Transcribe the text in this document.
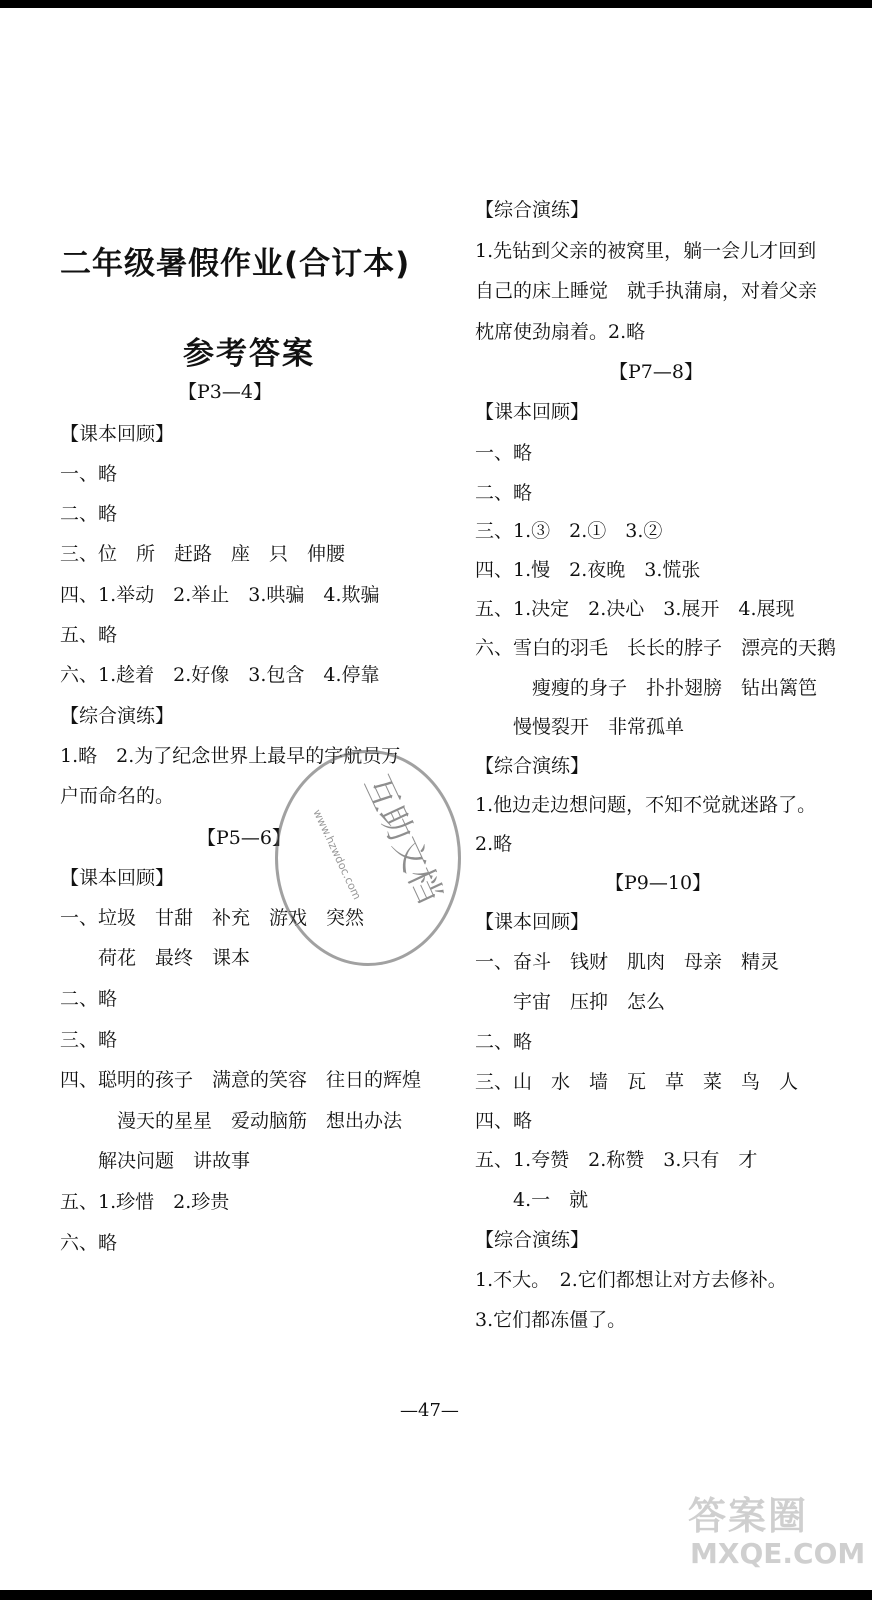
二年级暑假作业(合订本)
参考答案
【P3—4】
【课本回顾】
一、略
二、略
三、位　所　赶路　座　只　伸腰
四、1.举动　2.举止　3.哄骗　4.欺骗
五、略
六、1.趁着　2.好像　3.包含　4.停靠
【综合演练】
1.略　2.为了纪念世界上最早的宇航员万
户而命名的。
【P5—6】
【课本回顾】
一、垃圾　甘甜　补充　游戏　突然
　　荷花　最终　课本
二、略
三、略
四、聪明的孩子　满意的笑容　往日的辉煌
　　　漫天的星星　爱动脑筋　想出办法
　　解决问题　讲故事
五、1.珍惜　2.珍贵
六、略
【综合演练】
1.先钻到父亲的被窝里，躺一会儿才回到
自己的床上睡觉　就手执蒲扇，对着父亲
枕席使劲扇着。2.略
【P7—8】
【课本回顾】
一、略
二、略
三、1.③　2.①　3.②
四、1.慢　2.夜晚　3.慌张
五、1.决定　2.决心　3.展开　4.展现
六、雪白的羽毛　长长的脖子　漂亮的天鹅
　　　瘦瘦的身子　扑扑翅膀　钻出篱笆
　　慢慢裂开　非常孤单
【综合演练】
1.他边走边想问题，不知不觉就迷路了。
2.略
【P9—10】
【课本回顾】
一、奋斗　钱财　肌肉　母亲　精灵
　　宇宙　压抑　怎么
二、略
三、山　水　墙　瓦　草　菜　鸟　人
四、略
五、1.夸赞　2.称赞　3.只有　才
　　4.一　就
【综合演练】
1.不大。　2.它们都想让对方去修补。
3.它们都冻僵了。
—47—
互助文档
www.hzwdoc.com
答案圈
MXQE.COM
